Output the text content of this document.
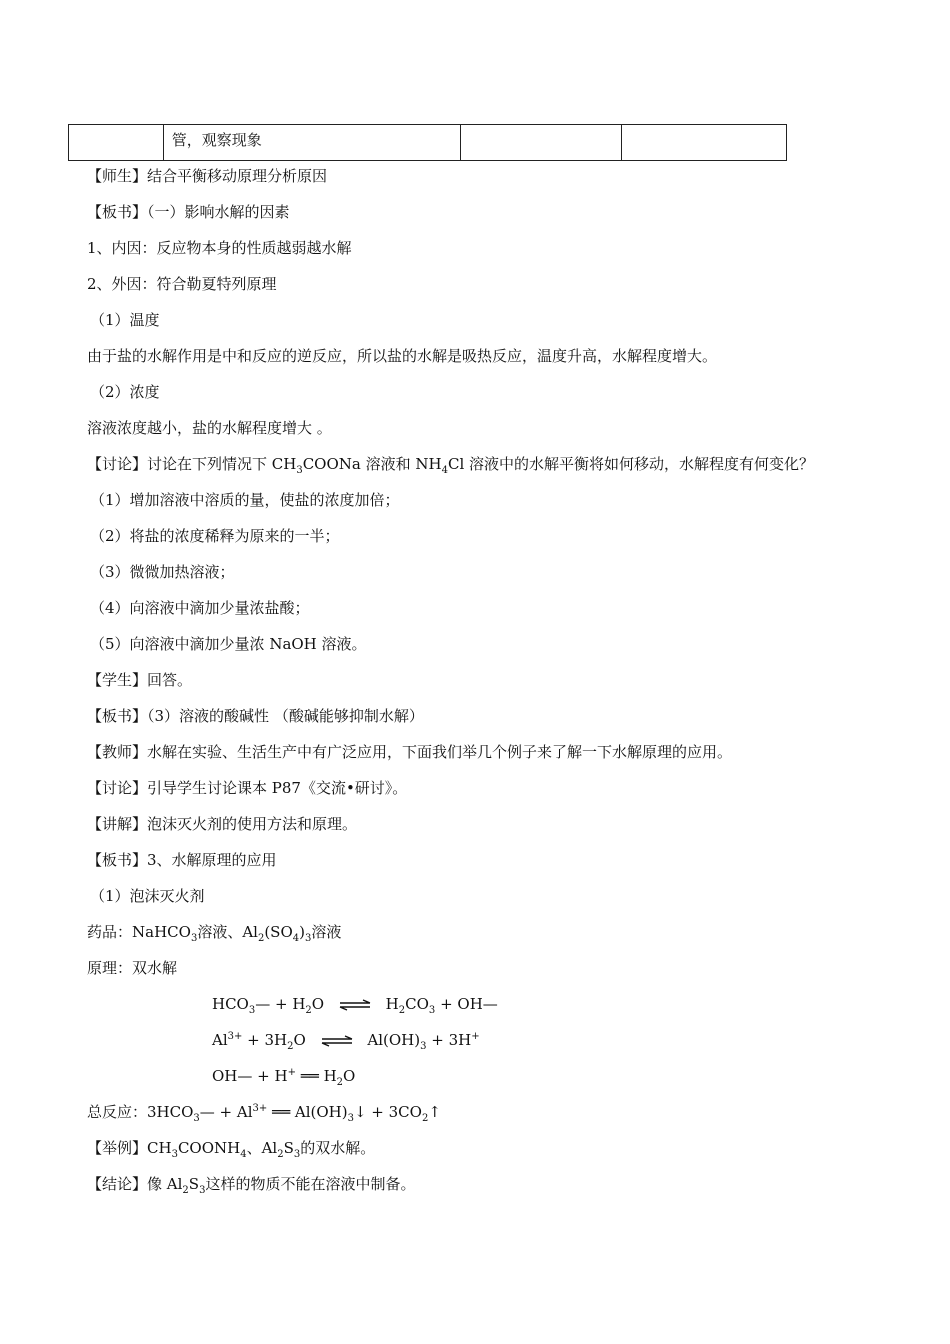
管，观察现象
【师生】结合平衡移动原理分析原因
【板书】（一）影响水解的因素
1、内因：反应物本身的性质越弱越水解
2、外因：符合勒夏特列原理
（1）温度
由于盐的水解作用是中和反应的逆反应，所以盐的水解是吸热反应，温度升高，水解程度增大。
（2）浓度
溶液浓度越小，盐的水解程度增大 。
【讨论】讨论在下列情况下 $CH_3COONa$ 溶液和 $NH_4Cl$ 溶液中的水解平衡将如何移动，水解程度有何变化？
（1）增加溶液中溶质的量，使盐的浓度加倍；
（2）将盐的浓度稀释为原来的一半；
（3）微微加热溶液；
（4）向溶液中滴加少量浓盐酸；
（5）向溶液中滴加少量浓 NaOH 溶液。
【学生】回答。
【板书】（3）溶液的酸碱性 （酸碱能够抑制水解）
【教师】水解在实验、生活生产中有广泛应用，下面我们举几个例子来了解一下水解原理的应用。
【讨论】引导学生讨论课本 P87《交流•研讨》。
【讲解】泡沫灭火剂的使用方法和原理。
【板书】3、水解原理的应用
（1）泡沫灭火剂
药品：NaHCO$_3$溶液、$Al_2(SO_4)_3$溶液
原理：双水解
$HCO_3— + H_2O$ ⇌ $H_2CO_3$ + OH—
$Al^{3+} + 3H_2O$ ⇌ $Al(OH)_3 + 3H^+$
OH— + H+ ══ $H_2O$
总反应：$3HCO_3— + Al^{3+}$ ══ $Al(OH)_3↓$ + $3CO_2↑$
【举例】$CH_3COONH_4$、$Al_2S_3$的双水解。
【结论】像 $Al_2S_3$这样的物质不能在溶液中制备。
